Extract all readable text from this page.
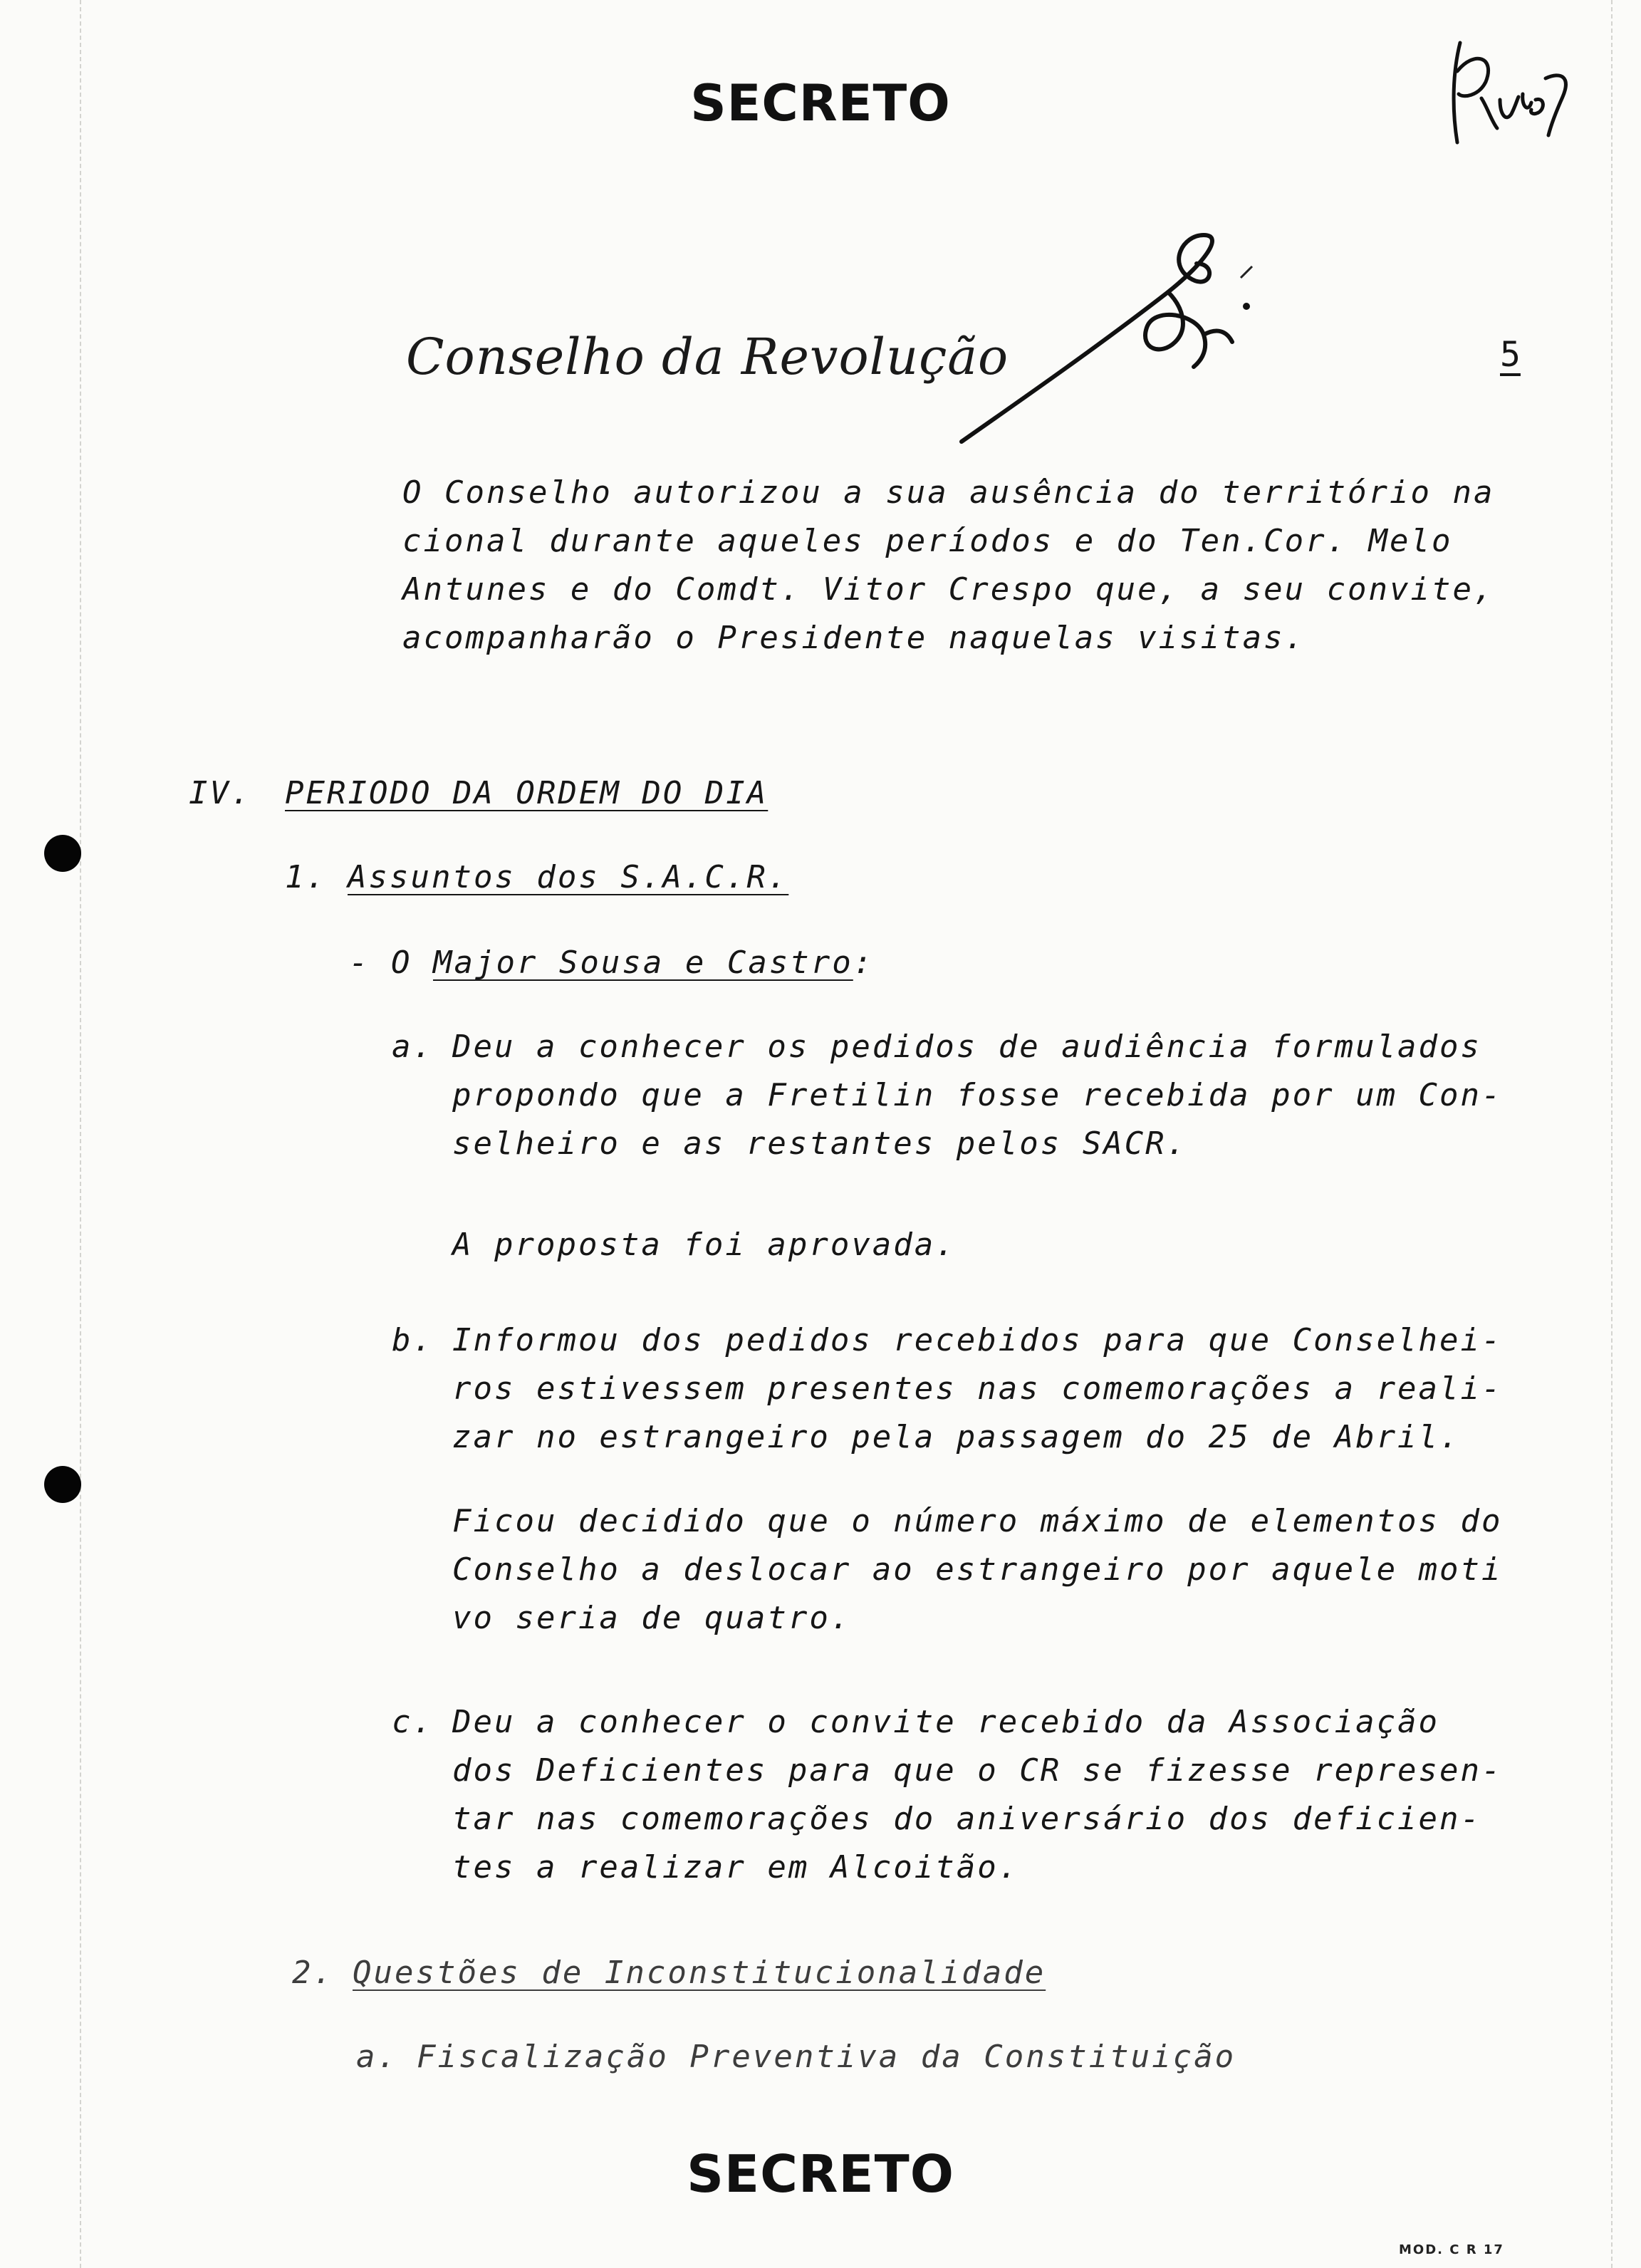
SECRETO
Conselho da Revolução	5
O Conselho autorizou a sua ausência do território na
cional durante aqueles períodos e do Ten.Cor. Melo
Antunes e do Comdt. Vitor Crespo que, a seu convite,
acompanharão o Presidente naquelas visitas.
IV. PERIODO DA ORDEM DO DIA
1. Assuntos dos S.A.C.R.
- O Major Sousa e Castro:
a. Deu a conhecer os pedidos de audiência formulados
propondo que a Fretilin fosse recebida por um Con-
selheiro e as restantes pelos SACR.
A proposta foi aprovada.
b. Informou dos pedidos recebidos para que Conselhei-
ros estivessem presentes nas comemorações a reali-
zar no estrangeiro pela passagem do 25 de Abril.
Ficou decidido que o número máximo de elementos do
Conselho a deslocar ao estrangeiro por aquele moti
vo seria de quatro.
c. Deu a conhecer o convite recebido da Associação
dos Deficientes para que o CR se fizesse represen-
tar nas comemorações do aniversário dos deficien-
tes a realizar em Alcoitão.
2. Questões de Inconstitucionalidade
a. Fiscalização Preventiva da Constituição
SECRETO
MOD. C R 17
